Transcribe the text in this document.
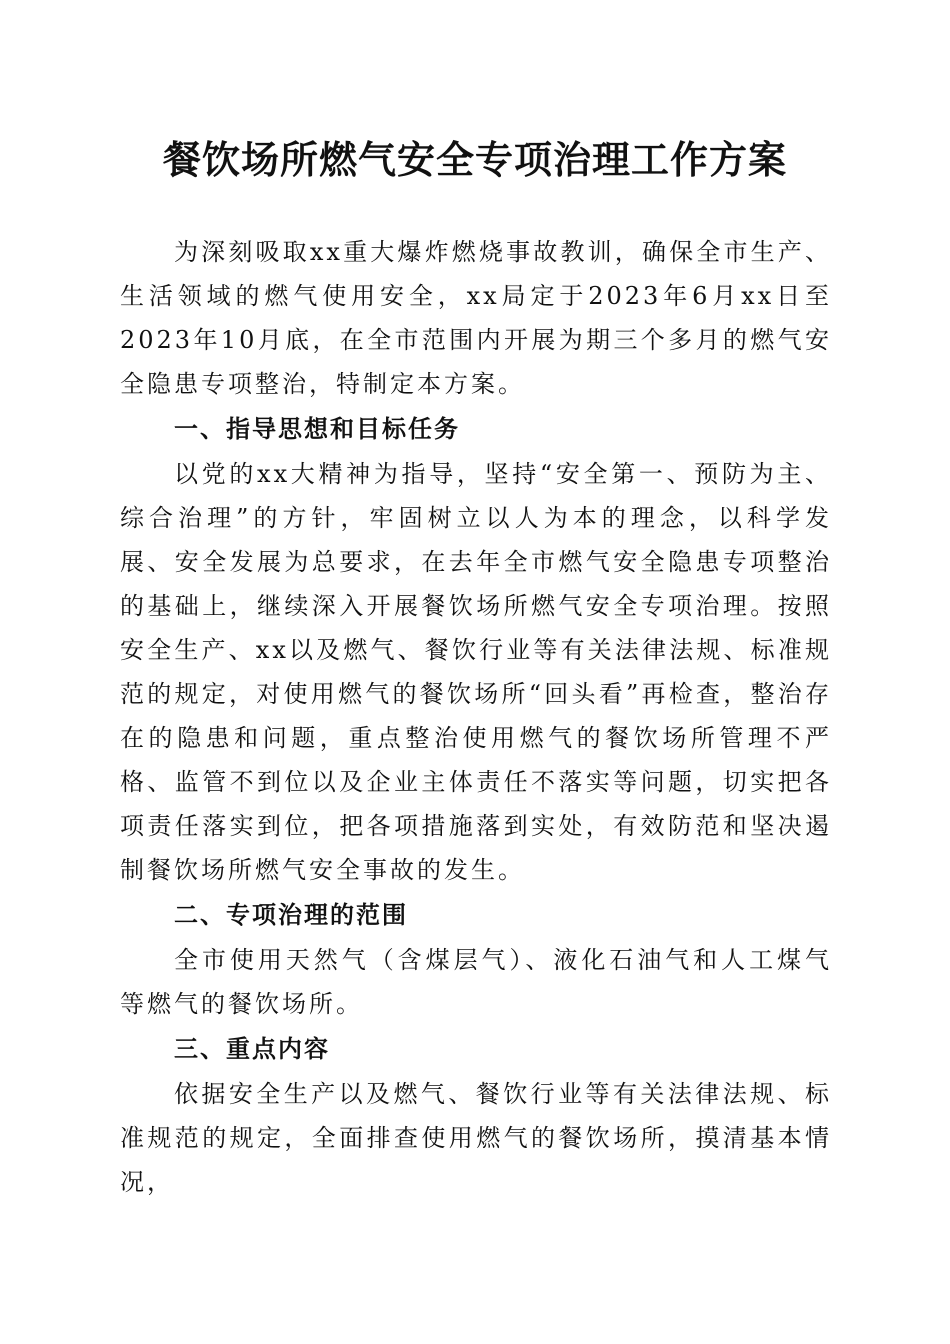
餐饮场所燃气安全专项治理工作方案

为深刻吸取xx重大爆炸燃烧事故教训，确保全市生产、生活领域的燃气使用安全，xx局定于2023年6月xx日至2023年10月底，在全市范围内开展为期三个多月的燃气安全隐患专项整治，特制定本方案。

一、指导思想和目标任务

以党的xx大精神为指导，坚持“安全第一、预防为主、综合治理”的方针，牢固树立以人为本的理念，以科学发展、安全发展为总要求，在去年全市燃气安全隐患专项整治的基础上，继续深入开展餐饮场所燃气安全专项治理。按照安全生产、xx以及燃气、餐饮行业等有关法律法规、标准规范的规定，对使用燃气的餐饮场所“回头看”再检查，整治存在的隐患和问题，重点整治使用燃气的餐饮场所管理不严格、监管不到位以及企业主体责任不落实等问题，切实把各项责任落实到位，把各项措施落到实处，有效防范和坚决遏制餐饮场所燃气安全事故的发生。

二、专项治理的范围

全市使用天然气（含煤层气）、液化石油气和人工煤气等燃气的餐饮场所。

三、重点内容

依据安全生产以及燃气、餐饮行业等有关法律法规、标准规范的规定，全面排查使用燃气的餐饮场所，摸清基本情况，
